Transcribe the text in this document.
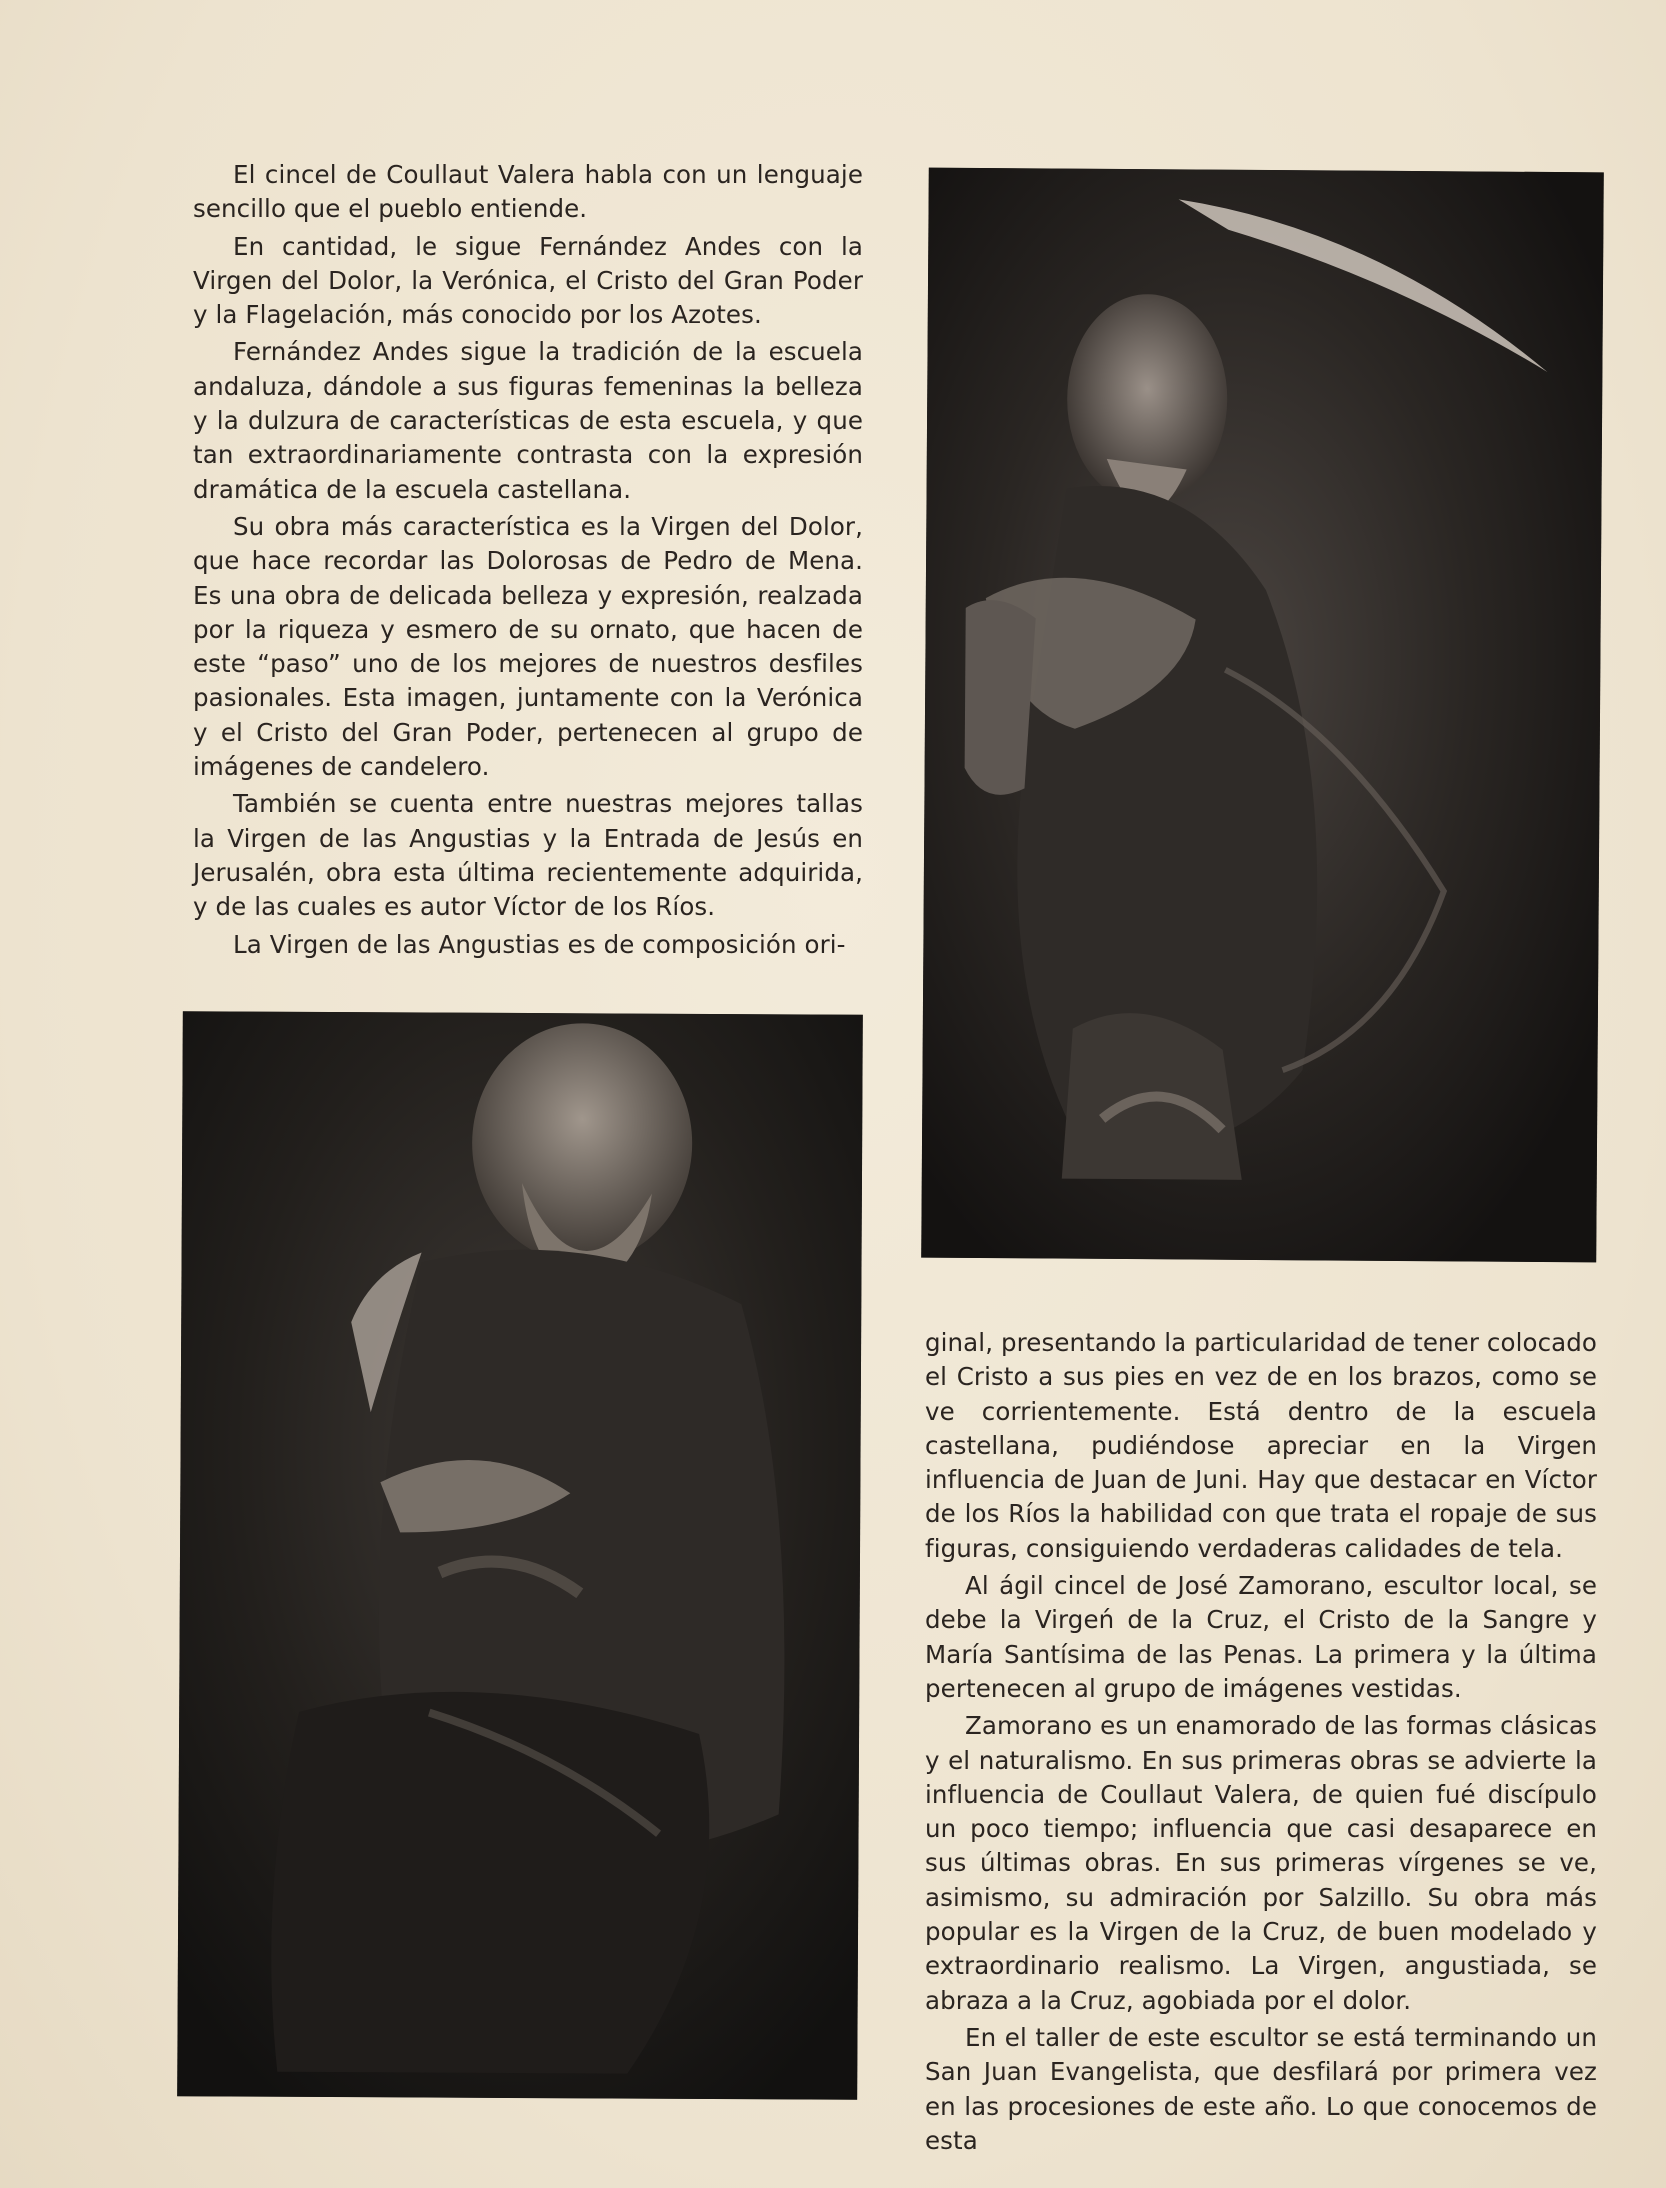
El cincel de Coullaut Valera habla con un lenguaje sencillo que el pueblo entiende.

En cantidad, le sigue Fernández Andes con la Virgen del Dolor, la Verónica, el Cristo del Gran Poder y la Flagelación, más conocido por los Azotes.

Fernández Andes sigue la tradición de la escuela andaluza, dándole a sus figuras femeninas la belleza y la dulzura de características de esta escuela, y que tan extraordinariamente contrasta con la expresión dramática de la escuela castellana.

Su obra más característica es la Virgen del Dolor, que hace recordar las Dolorosas de Pedro de Mena. Es una obra de delicada belleza y expresión, realzada por la riqueza y esmero de su ornato, que hacen de este “paso” uno de los mejores de nuestros desfiles pasionales. Esta imagen, juntamente con la Verónica y el Cristo del Gran Poder, pertenecen al grupo de imágenes de candelero.

También se cuenta entre nuestras mejores tallas la Virgen de las Angustias y la Entrada de Jesús en Jerusalén, obra esta última recientemente adquirida, y de las cuales es autor Víctor de los Ríos.

La Virgen de las Angustias es de composición ori-

ginal, presentando la particularidad de tener colocado el Cristo a sus pies en vez de en los brazos, como se ve corrientemente. Está dentro de la escuela castellana, pudiéndose apreciar en la Virgen influencia de Juan de Juni. Hay que destacar en Víctor de los Ríos la habilidad con que trata el ropaje de sus figuras, consiguiendo verdaderas calidades de tela.

Al ágil cincel de José Zamorano, escultor local, se debe la Virgeń de la Cruz, el Cristo de la Sangre y María Santísima de las Penas. La primera y la última pertenecen al grupo de imágenes vestidas.

Zamorano es un enamorado de las formas clásicas y el naturalismo. En sus primeras obras se advierte la influencia de Coullaut Valera, de quien fué discípulo un poco tiempo; influencia que casi desaparece en sus últimas obras. En sus primeras vírgenes se ve, asimismo, su admiración por Salzillo. Su obra más popular es la Virgen de la Cruz, de buen modelado y extraordinario realismo. La Virgen, angustiada, se abraza a la Cruz, agobiada por el dolor.

En el taller de este escultor se está terminando un San Juan Evangelista, que desfilará por primera vez en las procesiones de este año. Lo que conocemos de esta
